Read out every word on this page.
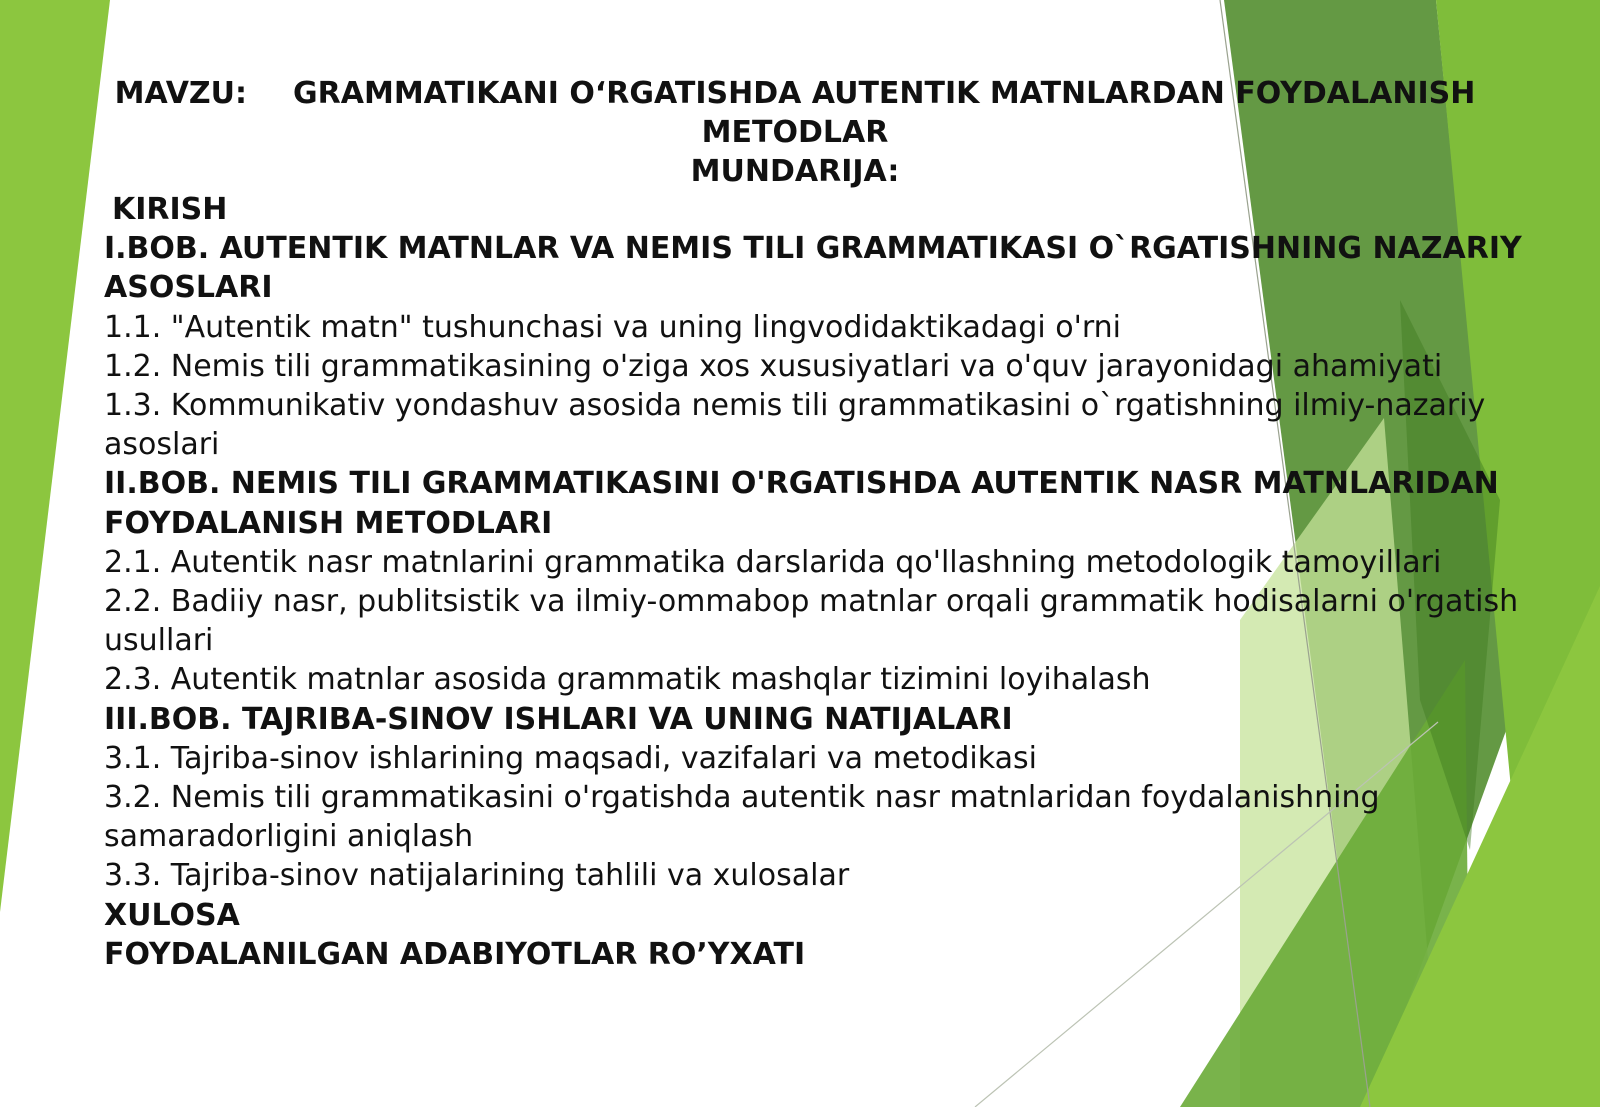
MAVZU: GRAMMATIKANI O‘RGATISHDA AUTENTIK MATNLARDAN FOYDALANISH METODLAR
MUNDARIJA:
KIRISH
I.BOB. AUTENTIK MATNLAR VA NEMIS TILI GRAMMATIKASI O`RGATISHNING NAZARIY ASOSLARI
1.1. "Autentik matn" tushunchasi va uning lingvodidaktikadagi o'rni
1.2. Nemis tili grammatikasining o'ziga xos xususiyatlari va o'quv jarayonidagi ahamiyati
1.3. Kommunikativ yondashuv asosida nemis tili grammatikasini o`rgatishning ilmiy-nazariy asoslari
II.BOB. NEMIS TILI GRAMMATIKASINI O'RGATISHDA AUTENTIK NASR MATNLARIDAN FOYDALANISH METODLARI
2.1. Autentik nasr matnlarini grammatika darslarida qo'llashning metodologik tamoyillari
2.2. Badiiy nasr, publitsistik va ilmiy-ommabop matnlar orqali grammatik hodisalarni o'rgatish usullari
2.3. Autentik matnlar asosida grammatik mashqlar tizimini loyihalash
III.BOB. TAJRIBA-SINOV ISHLARI VA UNING NATIJALARI
3.1. Tajriba-sinov ishlarining maqsadi, vazifalari va metodikasi
3.2. Nemis tili grammatikasini o'rgatishda autentik nasr matnlaridan foydalanishning samaradorligini aniqlash
3.3. Tajriba-sinov natijalarining tahlili va xulosalar
XULOSA
FOYDALANILGAN ADABIYOTLAR RO’YXATI
